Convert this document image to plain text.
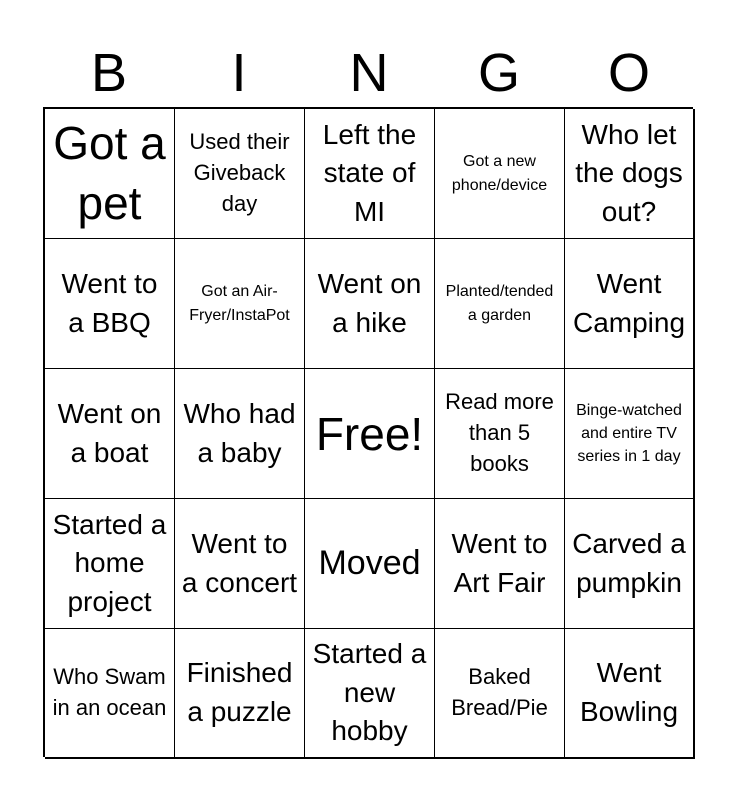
B	I	N	G	O
Got a pet
Used their Giveback day
Left the state of MI
Got a new phone/device
Who let the dogs out?
Went to a BBQ
Got an Air-Fryer/InstaPot
Went on a hike
Planted/tended a garden
Went Camping
Went on a boat
Who had a baby Free!
Read more than 5 books
Binge-watched and entire TV series in 1 day
Started a home project
Went to a concert Moved
Went to Art Fair
Carved a pumpkin
Who Swam in an ocean
Finished a puzzle
Started a new hobby
Baked Bread/Pie
Went Bowling
